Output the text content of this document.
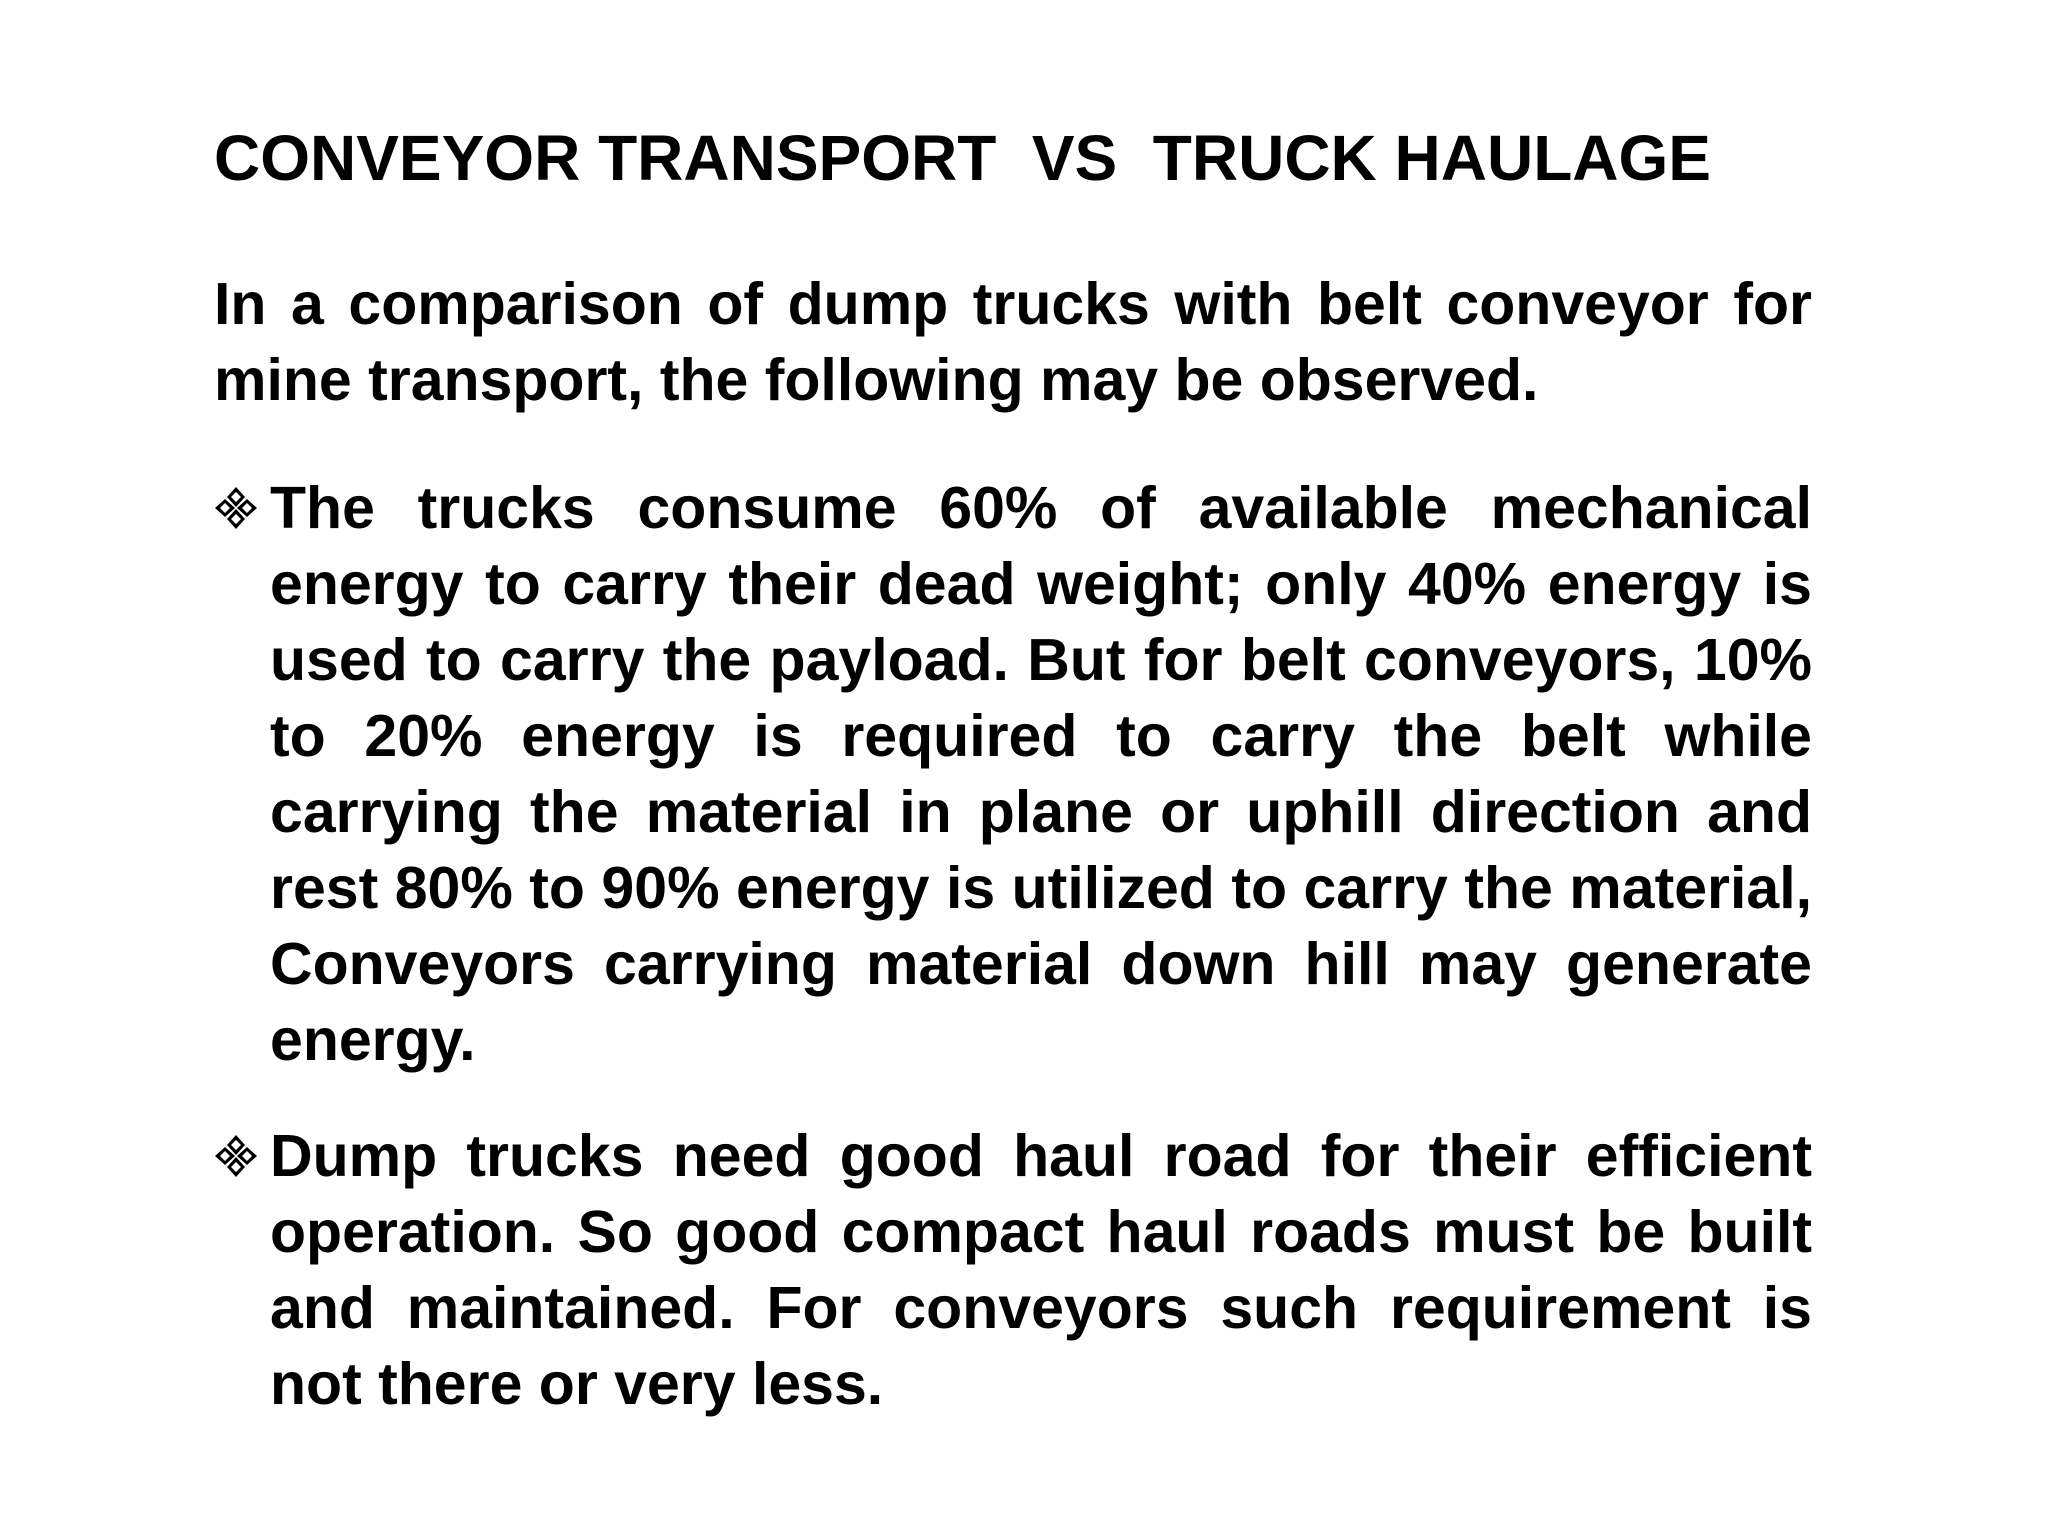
CONVEYOR TRANSPORT  VS  TRUCK HAULAGE
In a comparison of dump trucks with belt conveyor for mine transport, the following may be observed.
The trucks consume 60% of available mechanical energy to carry their dead weight; only 40% energy is used to carry the payload. But for belt conveyors, 10% to 20% energy is required to carry the belt while carrying the material in plane or uphill direction and rest 80% to 90% energy is utilized to carry the material, Conveyors carrying material down hill may generate energy.
Dump trucks need good haul road for their efficient operation. So good compact haul roads must be built and maintained. For conveyors such requirement is not there or very less.
